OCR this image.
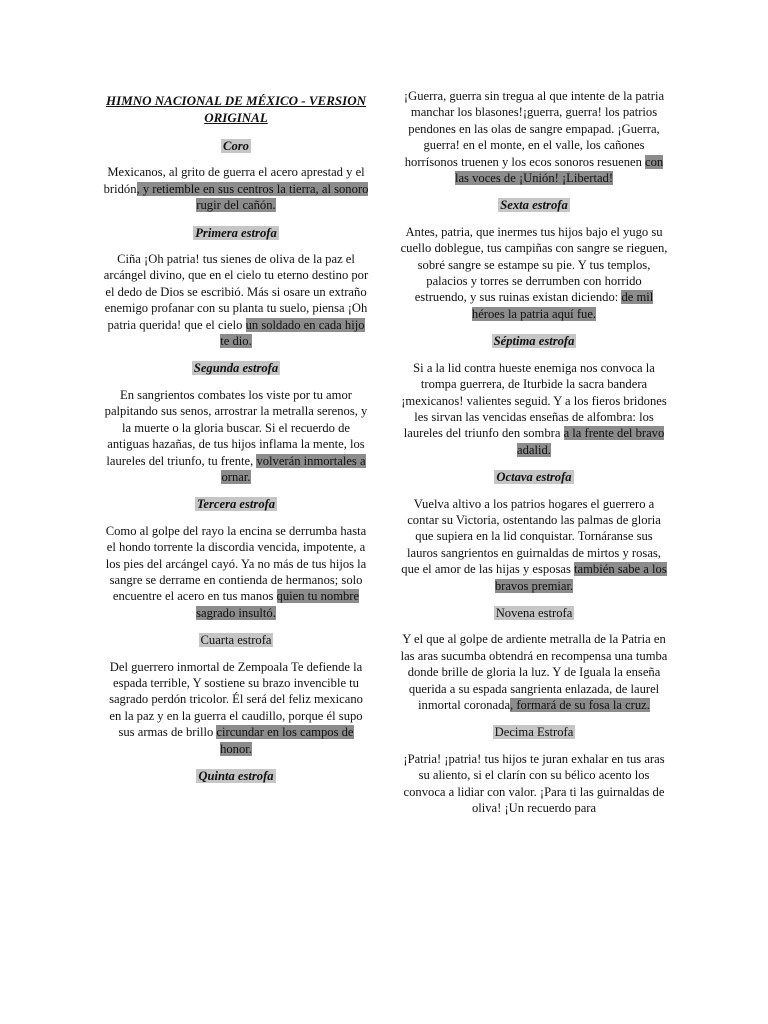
HIMNO NACIONAL DE MÉXICO - VERSION ORIGINAL
Coro
Mexicanos, al grito de guerra el acero aprestad y el bridón, y retiemble en sus centros la tierra, al sonoro rugir del cañón.
Primera estrofa
Ciña ¡Oh patria! tus sienes de oliva de la paz el arcángel divino, que en el cielo tu eterno destino por el dedo de Dios se escribió. Más si osare un extraño enemigo profanar con su planta tu suelo, piensa ¡Oh patria querida! que el cielo un soldado en cada hijo te dio.
Segunda estrofa
En sangrientos combates los viste por tu amor palpitando sus senos, arrostrar la metralla serenos, y la muerte o la gloria buscar. Si el recuerdo de antiguas hazañas, de tus hijos inflama la mente, los laureles del triunfo, tu frente, volverán inmortales a ornar.
Tercera estrofa
Como al golpe del rayo la encina se derrumba hasta el hondo torrente la discordia vencida, impotente, a los pies del arcángel cayó. Ya no más de tus hijos la sangre se derrame en contienda de hermanos; solo encuentre el acero en tus manos quien tu nombre sagrado insultó.
Cuarta estrofa
Del guerrero inmortal de Zempoala Te defiende la espada terrible, Y sostiene su brazo invencible tu sagrado perdón tricolor. Él será del feliz mexicano en la paz y en la guerra el caudillo, porque él supo sus armas de brillo circundar en los campos de honor.
Quinta estrofa
¡Guerra, guerra sin tregua al que intente de la patria manchar los blasones!¡guerra, guerra! los patrios pendones en las olas de sangre empapad. ¡Guerra, guerra! en el monte, en el valle, los cañones horrísonos truenen y los ecos sonoros resuenen con las voces de ¡Unión! ¡Libertad!
Sexta estrofa
Antes, patria, que inermes tus hijos bajo el yugo su cuello doblegue, tus campiñas con sangre se rieguen, sobré sangre se estampe su pie. Y tus templos, palacios y torres se derrumben con horrido estruendo, y sus ruinas existan diciendo: de mil héroes la patria aquí fue.
Séptima estrofa
Si a la lid contra hueste enemiga nos convoca la trompa guerrera, de Iturbide la sacra bandera ¡mexicanos! valientes seguid. Y a los fieros bridones les sirvan las vencidas enseñas de alfombra: los laureles del triunfo den sombra a la frente del bravo adalid.
Octava estrofa
Vuelva altivo a los patrios hogares el guerrero a contar su Victoria, ostentando las palmas de gloria que supiera en la lid conquistar. Tornáranse sus lauros sangrientos en guirnaldas de mirtos y rosas, que el amor de las hijas y esposas también sabe a los bravos premiar.
Novena estrofa
Y el que al golpe de ardiente metralla de la Patria en las aras sucumba obtendrá en recompensa una tumba donde brille de gloria la luz. Y de Iguala la enseña querida a su espada sangrienta enlazada, de laurel inmortal coronada, formará de su fosa la cruz.
Decima Estrofa
¡Patria! ¡patria! tus hijos te juran exhalar en tus aras su aliento, si el clarín con su bélico acento los convoca a lidiar con valor. ¡Para ti las guirnaldas de oliva! ¡Un recuerdo para
